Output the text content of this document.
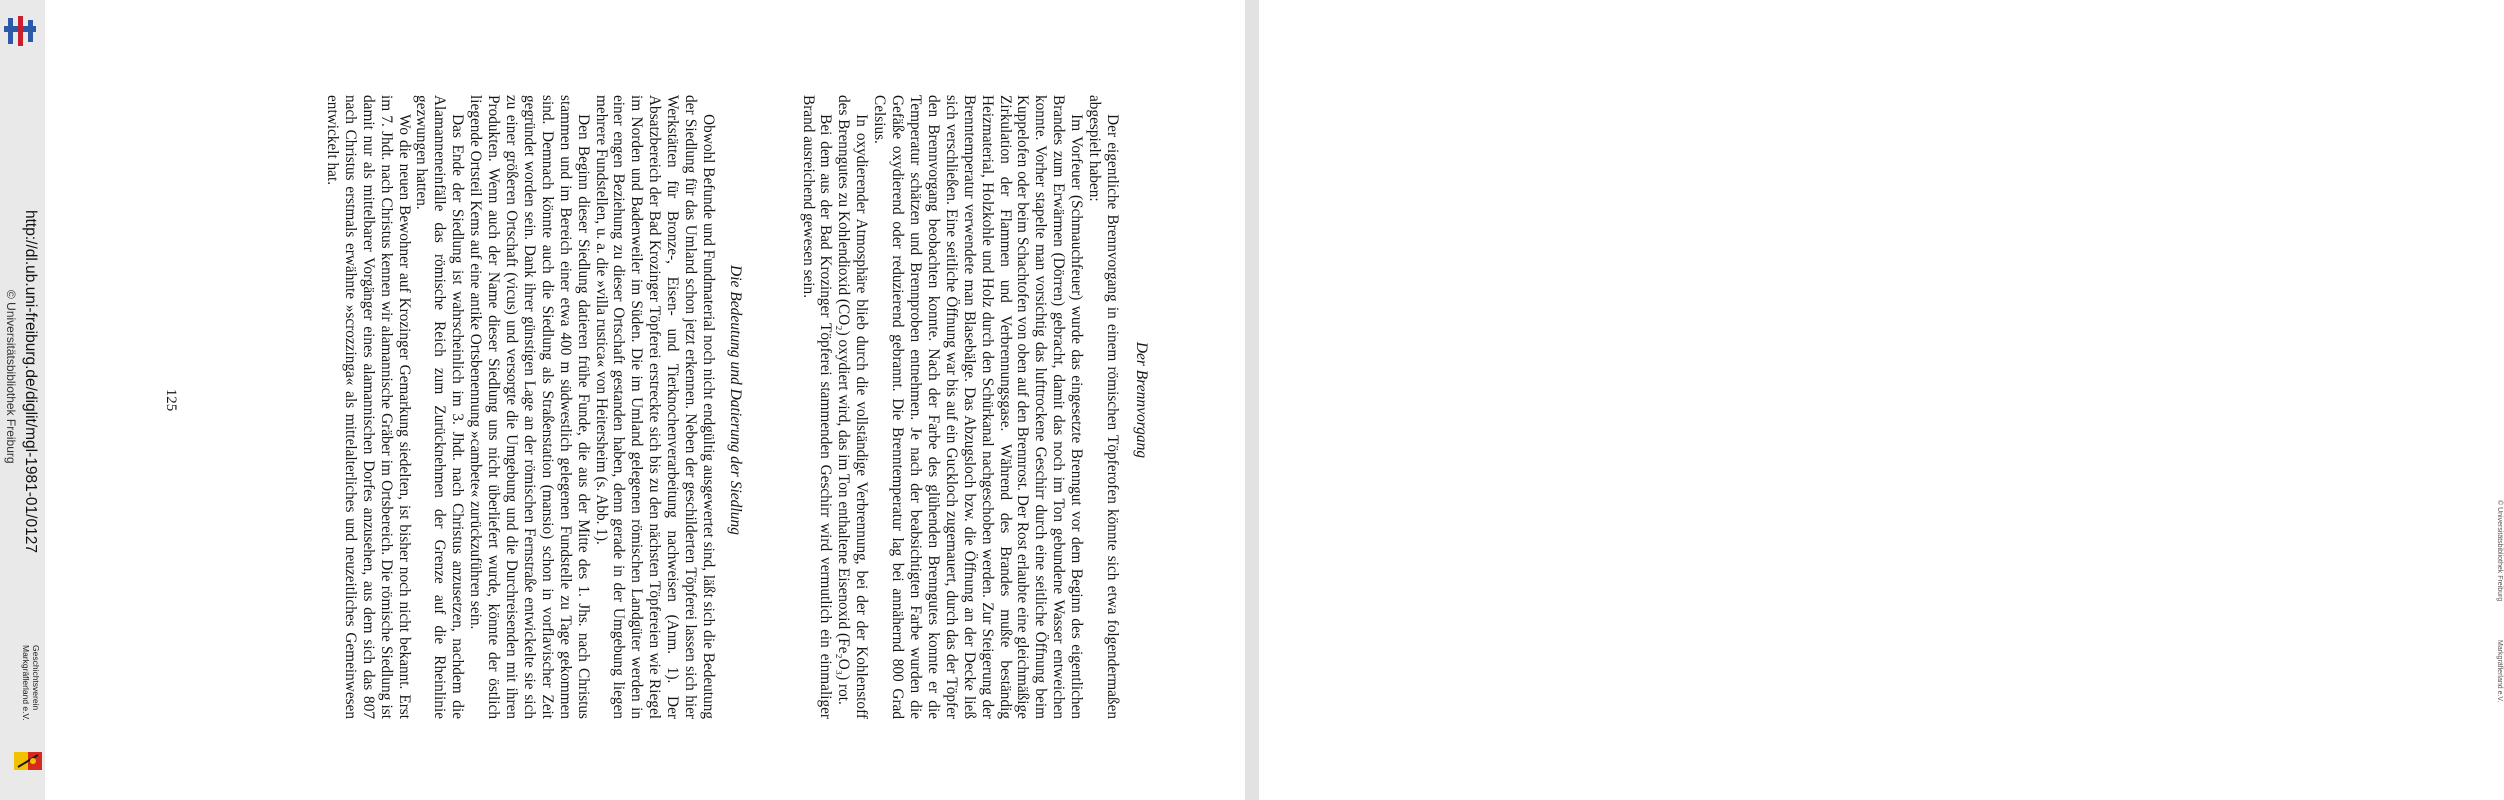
http://dl.ub.uni-freiburg.de/diglit/mgl-1981-01/0127
© Universitätsbibliothek Freiburg
Geschichtsverein
Markgräflerland e.V.
© Universitätsbibliothek Freiburg
Markgräflerland e.V.
Der Brennvorgang

Der eigentliche Brennvorgang in einem römischen Töpferofen könnte sich etwa folgendermaßen abgespielt haben:

Im Vorfeuer (Schmauchfeuer) wurde das eingesetzte Brenngut vor dem Beginn des eigentlichen Brandes zum Erwärmen (Dörren) gebracht, damit das noch im Ton gebundene Wasser entweichen konnte. Vorher stapelte man vorsichtig das lufttrockene Geschirr durch eine seitliche Öffnung beim Kuppelofen oder beim Schachtofen von oben auf den Brennrost. Der Rost erlaubte eine gleichmäßige Zirkulation der Flammen und Verbrennungsgase. Während des Brandes mußte beständig Heizmaterial, Holzkohle und Holz durch den Schürkanal nachgeschoben werden. Zur Steigerung der Brenntemperatur verwendete man Blasebälge. Das Abzugsloch bzw. die Öffnung an der Decke ließ sich verschließen. Eine seitliche Öffnung war bis auf ein Guckloch zugemauert, durch das der Töpfer den Brennvorgang beobachten konnte. Nach der Farbe des glühenden Brenngutes konnte er die Temperatur schätzen und Brennproben entnehmen. Je nach der beabsichtigten Farbe wurden die Gefäße oxydierend oder reduzierend gebrannt. Die Brenntemperatur lag bei annähernd 800 Grad Celsius.

In oxydierender Atmosphäre blieb durch die vollständige Verbrennung, bei der der Kohlenstoff des Brenngutes zu Kohlendioxid (CO₂) oxydiert wird, das im Ton enthaltene Eisenoxid (Fe₂O₃) rot.

Bei dem aus der Bad Krozinger Töpferei stammenden Geschirr wird vermutlich ein einmaliger Brand ausreichend gewesen sein.

Die Bedeutung und Datierung der Siedlung

Obwohl Befunde und Fundmaterial noch nicht endgültig ausgewertet sind, läßt sich die Bedeutung der Siedlung für das Umland schon jetzt erkennen. Neben der geschilderten Töpferei lassen sich hier Werkstätten für Bronze-, Eisen- und Tierknochenverarbeitung nachweisen (Anm. 1). Der Absatzbereich der Bad Krozinger Töpferei erstreckte sich bis zu den nächsten Töpfereien wie Riegel im Norden und Badenweiler im Süden. Die im Umland gelegenen römischen Landgüter werden in einer engen Beziehung zu dieser Ortschaft gestanden haben, denn gerade in der Umgebung liegen mehrere Fundstellen, u. a. die »villa rustica« von Heitersheim (s. Abb. 1).

Den Beginn dieser Siedlung datieren frühe Funde, die aus der Mitte des 1. Jhs. nach Christus stammen und im Bereich einer etwa 400 m südwestlich gelegenen Fundstelle zu Tage gekommen sind. Demnach könnte auch die Siedlung als Straßenstation (mansio) schon in vorflavischer Zeit gegründet worden sein. Dank ihrer günstigen Lage an der römischen Fernstraße entwickelte sie sich zu einer größeren Ortschaft (vicus) und versorgte die Umgebung und die Durchreisenden mit ihren Produkten. Wenn auch der Name dieser Siedlung uns nicht überliefert wurde, könnte der östlich liegende Ortsteil Kems auf eine antike Ortsbenennung »cambete« zurückzuführen sein.

Das Ende der Siedlung ist wahrscheinlich im 3. Jhdt. nach Christus anzusetzen, nachdem die Alamanneneinfälle das römische Reich zum Zurücknehmen der Grenze auf die Rheinlinie gezwungen hatten.

Wo die neuen Bewohner auf Krozinger Gemarkung siedelten, ist bisher noch nicht bekannt. Erst im 7. Jhdt. nach Christus kennen wir alamannische Gräber im Ortsbereich. Die römische Siedlung ist damit nur als mittelbarer Vorgänger eines alamannischen Dorfes anzusehen, aus dem sich das 807 nach Christus erstmals erwähnte »scrozzinga« als mittelalterliches und neuzeitliches Gemeinwesen entwickelt hat.

125
